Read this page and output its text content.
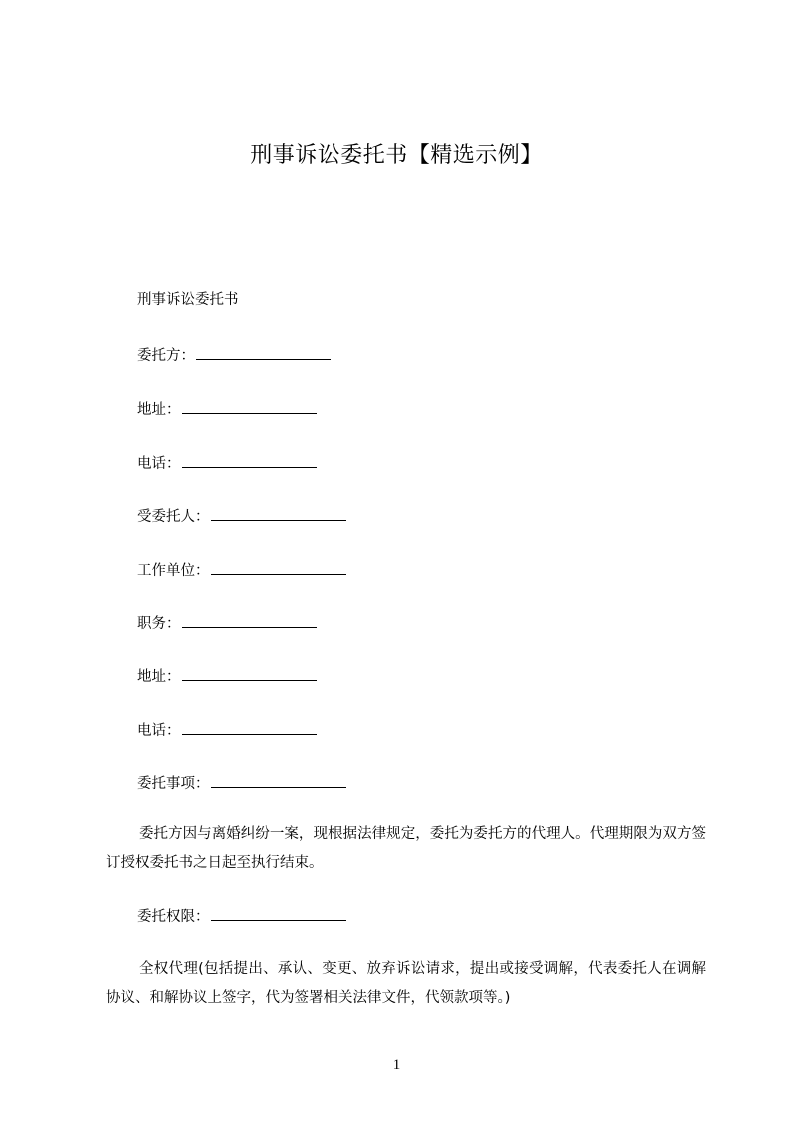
刑事诉讼委托书【精选示例】
刑事诉讼委托书
委托方：
地址：
电话：
受委托人：
工作单位：
职务：
地址：
电话：
委托事项：
委托方因与离婚纠纷一案，现根据法律规定，委托为委托方的代理人。代理期限为双方签订授权委托书之日起至执行结束。
委托权限：
全权代理(包括提出、承认、变更、放弃诉讼请求，提出或接受调解，代表委托人在调解协议、和解协议上签字，代为签署相关法律文件，代领款项等。)
1
